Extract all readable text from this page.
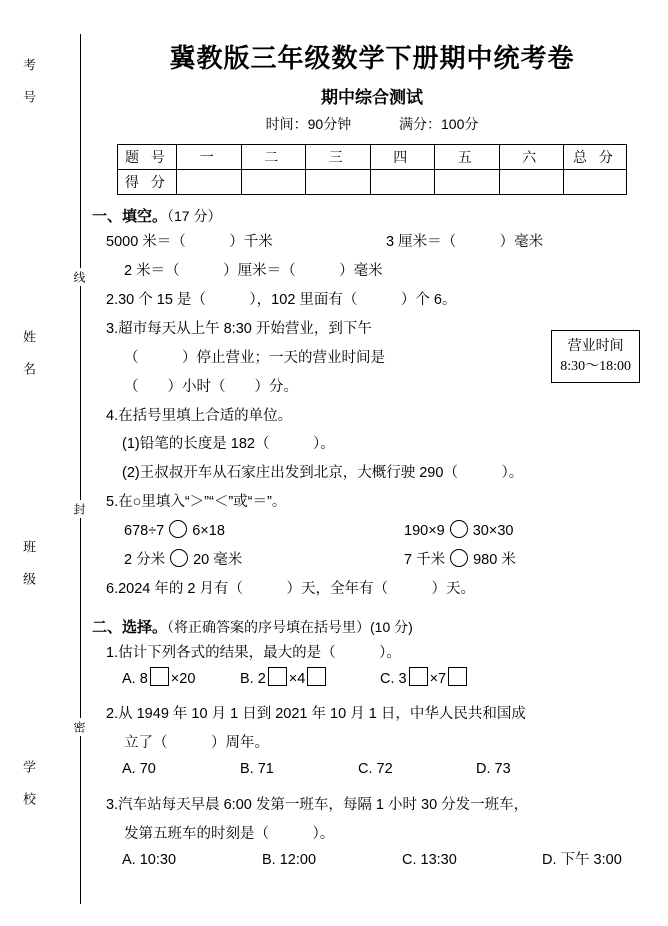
考 号
姓 名
班 级
学 校
线
封
密
冀教版三年级数学下册期中统考卷
期中综合测试
时间：90分钟	满分：100分
题 号	一	二	三	四	五	六	总 分
得 分							
一、填空。（17 分）
5000 米＝（　　　）千米	3 厘米＝（　　　）毫米
2 米＝（　　　）厘米＝（　　　）毫米
2.30 个 15 是（　　　），102 里面有（　　　）个 6。
3.超市每天从上午 8:30 开始营业，到下午
（　　　）停止营业；一天的营业时间是
（　　）小时（　　）分。
4.在括号里填上合适的单位。
(1)铅笔的长度是 182（　　　）。
(2)王叔叔开车从石家庄出发到北京，大概行驶 290（　　　）。
5.在○里填入“＞”“＜”或“＝”。
678÷7 6×18	190×9 30×30
2 分米 20 毫米	7 千米 980 米
6.2024 年的 2 月有（　　　）天，全年有（　　　）天。
二、选择。（将正确答案的序号填在括号里）(10 分)
1.估计下列各式的结果，最大的是（　　　）。
A. 8 ×20	B. 2 ×4	C. 3 ×7
2.从 1949 年 10 月 1 日到 2021 年 10 月 1 日，中华人民共和国成
立了（　　　）周年。
A. 70	B. 71	C. 72	D. 73
3.汽车站每天早晨 6:00 发第一班车，每隔 1 小时 30 分发一班车，
发第五班车的时刻是（　　　）。
A. 10:30	B. 12:00	C. 13:30	D. 下午 3:00
营业时间
8:30～18:00
